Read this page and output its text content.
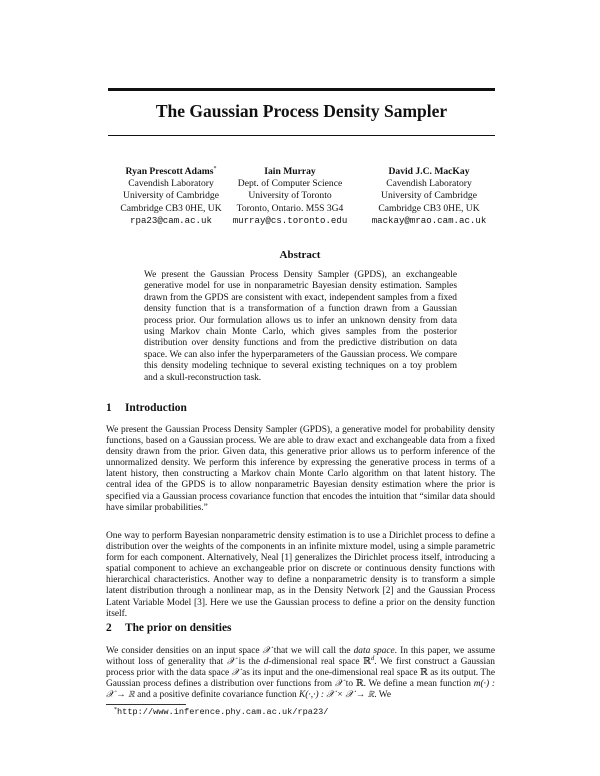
The Gaussian Process Density Sampler
Ryan Prescott Adams*
Cavendish Laboratory
University of Cambridge
Cambridge CB3 0HE, UK
rpa23@cam.ac.uk
Iain Murray
Dept. of Computer Science
University of Toronto
Toronto, Ontario. M5S 3G4
murray@cs.toronto.edu
David J.C. MacKay
Cavendish Laboratory
University of Cambridge
Cambridge CB3 0HE, UK
mackay@mrao.cam.ac.uk
Abstract
We present the Gaussian Process Density Sampler (GPDS), an exchangeable generative model for use in nonparametric Bayesian density estimation. Samples drawn from the GPDS are consistent with exact, independent samples from a fixed density function that is a transformation of a function drawn from a Gaussian process prior. Our formulation allows us to infer an unknown density from data using Markov chain Monte Carlo, which gives samples from the posterior distribution over density functions and from the predictive distribution on data space. We can also infer the hyperparameters of the Gaussian process. We compare this density modeling technique to several existing techniques on a toy problem and a skull-reconstruction task.
1 Introduction
We present the Gaussian Process Density Sampler (GPDS), a generative model for probability density functions, based on a Gaussian process. We are able to draw exact and exchangeable data from a fixed density drawn from the prior. Given data, this generative prior allows us to perform inference of the unnormalized density. We perform this inference by expressing the generative process in terms of a latent history, then constructing a Markov chain Monte Carlo algorithm on that latent history. The central idea of the GPDS is to allow nonparametric Bayesian density estimation where the prior is specified via a Gaussian process covariance function that encodes the intuition that “similar data should have similar probabilities.”
One way to perform Bayesian nonparametric density estimation is to use a Dirichlet process to define a distribution over the weights of the components in an infinite mixture model, using a simple parametric form for each component. Alternatively, Neal [1] generalizes the Dirichlet process itself, introducing a spatial component to achieve an exchangeable prior on discrete or continuous density functions with hierarchical characteristics. Another way to define a nonparametric density is to transform a simple latent distribution through a nonlinear map, as in the Density Network [2] and the Gaussian Process Latent Variable Model [3]. Here we use the Gaussian process to define a prior on the density function itself.
2 The prior on densities
We consider densities on an input space 𝒳 that we will call the data space. In this paper, we assume without loss of generality that 𝒳 is the d-dimensional real space ℝ$^d$. We first construct a Gaussian process prior with the data space 𝒳 as its input and the one-dimensional real space ℝ as its output. The Gaussian process defines a distribution over functions from 𝒳 to ℝ. We define a mean function m(·) : 𝒳 → ℝ and a positive definite covariance function K(·,·) : 𝒳 × 𝒳 → ℝ. We
*http://www.inference.phy.cam.ac.uk/rpa23/
